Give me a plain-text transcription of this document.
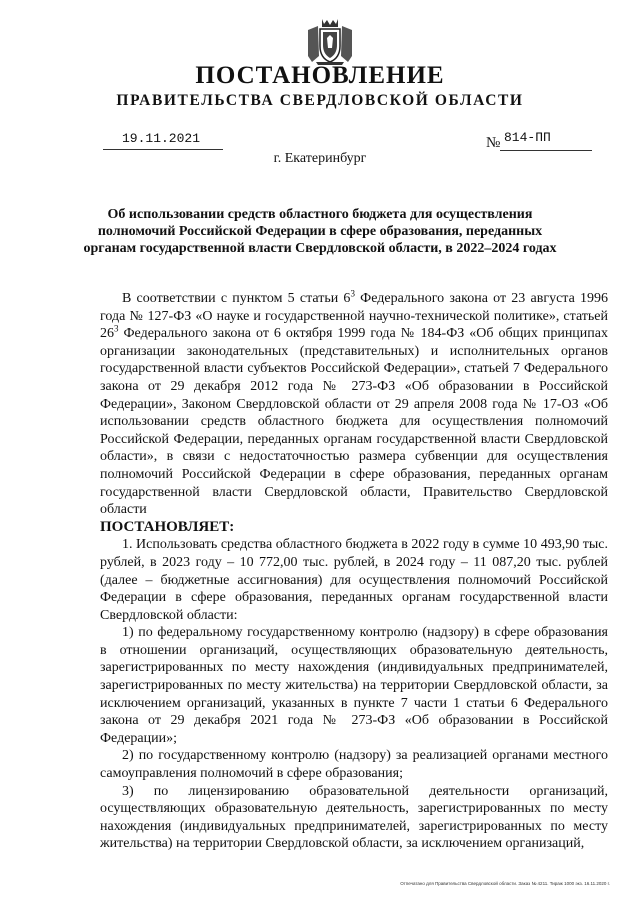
ПОСТАНОВЛЕНИЕ
ПРАВИТЕЛЬСТВА СВЕРДЛОВСКОЙ ОБЛАСТИ
19.11.2021	№ 814-ПП
г. Екатеринбург
Об использовании средств областного бюджета для осуществления полномочий Российской Федерации в сфере образования, переданных органам государственной власти Свердловской области, в 2022–2024 годах

В соответствии с пунктом 5 статьи $6^3$ Федерального закона от 23 августа 1996 года № 127-ФЗ «О науке и государственной научно-технической политике», статьей $26^3$ Федерального закона от 6 октября 1999 года № 184-ФЗ «Об общих принципах организации законодательных (представительных) и исполнительных органов государственной власти субъектов Российской Федерации», статьей 7 Федерального закона от 29 декабря 2012 года № 273-ФЗ «Об образовании в Российской Федерации», Законом Свердловской области от 29 апреля 2008 года № 17-ОЗ «Об использовании средств областного бюджета для осуществления полномочий Российской Федерации, переданных органам государственной власти Свердловской области», в связи с недостаточностью размера субвенции для осуществления полномочий Российской Федерации в сфере образования, переданных органам государственной власти Свердловской области, Правительство Свердловской области

ПОСТАНОВЛЯЕТ:

1. Использовать средства областного бюджета в 2022 году в сумме 10 493,90 тыс. рублей, в 2023 году – 10 772,00 тыс. рублей, в 2024 году – 11 087,20 тыс. рублей (далее – бюджетные ассигнования) для осуществления полномочий Российской Федерации в сфере образования, переданных органам государственной власти Свердловской области:

1) по федеральному государственному контролю (надзору) в сфере образования в отношении организаций, осуществляющих образовательную деятельность, зарегистрированных по месту нахождения (индивидуальных предпринимателей, зарегистрированных по месту жительства) на территории Свердловской области, за исключением организаций, указанных в пункте 7 части 1 статьи 6 Федерального закона от 29 декабря 2021 года № 273-ФЗ «Об образовании в Российской Федерации»;

2) по государственному контролю (надзору) за реализацией органами местного самоуправления полномочий в сфере образования;

3) по лицензированию образовательной деятельности организаций, осуществляющих образовательную деятельность, зарегистрированных по месту нахождения (индивидуальных предпринимателей, зарегистрированных по месту жительства) на территории Свердловской области, за исключением организаций,

Отпечатано для Правительства Свердловской области. Заказ № 4211. Тираж 1000 экз. 16.11.2020 г.
